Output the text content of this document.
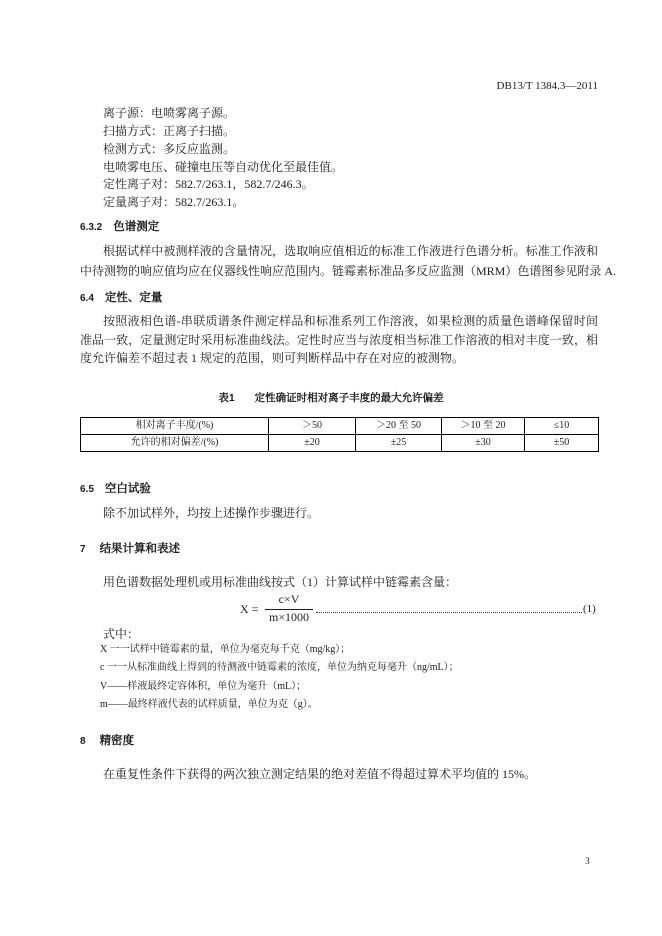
DB13/T 1384.3—2011
离子源：电喷雾离子源。
扫描方式：正离子扫描。
检测方式：多反应监测。
电喷雾电压、碰撞电压等自动优化至最佳值。
定性离子对：582.7/263.1，582.7/246.3。
定量离子对：582.7/263.1。
6.3.2 色谱测定
根据试样中被测样液的含量情况，选取响应值相近的标准工作液进行色谱分析。标准工作液和
中待测物的响应值均应在仪器线性响应范围内。链霉素标准品多反应监测（MRM）色谱图参见附录 A.
6.4 定性、定量
按照液相色谱-串联质谱条件测定样品和标准系列工作溶液，如果检测的质量色谱峰保留时间
准品一致，定量测定时采用标准曲线法。定性时应当与浓度相当标准工作溶液的相对丰度一致，相
度允许偏差不超过表 1 规定的范围，则可判断样品中存在对应的被测物。
表1 定性确证时相对离子丰度的最大允许偏差
相对离子丰度/(%)	＞50	＞20 至 50	＞10 至 20	≤10
允许的相对偏差/(%)	±20	±25	±30	±50
6.5 空白试验
除不加试样外，均按上述操作步骤进行。
7 结果计算和表述
用色谱数据处理机或用标准曲线按式（1）计算试样中链霉素含量：
$X = \frac{c\times V}{m\times 1000}$	(1)
式中：
X 一一试样中链霉素的量，单位为毫克每千克（mg/kg）；
c 一一从标准曲线上得到的待测液中链霉素的浓度，单位为纳克每毫升（ng/mL）；
V——样液最终定容体积，单位为毫升（mL）；
m——最终样液代表的试样质量，单位为克（g）。
8 精密度
在重复性条件下获得的两次独立测定结果的绝对差值不得超过算术平均值的 15%。
3
